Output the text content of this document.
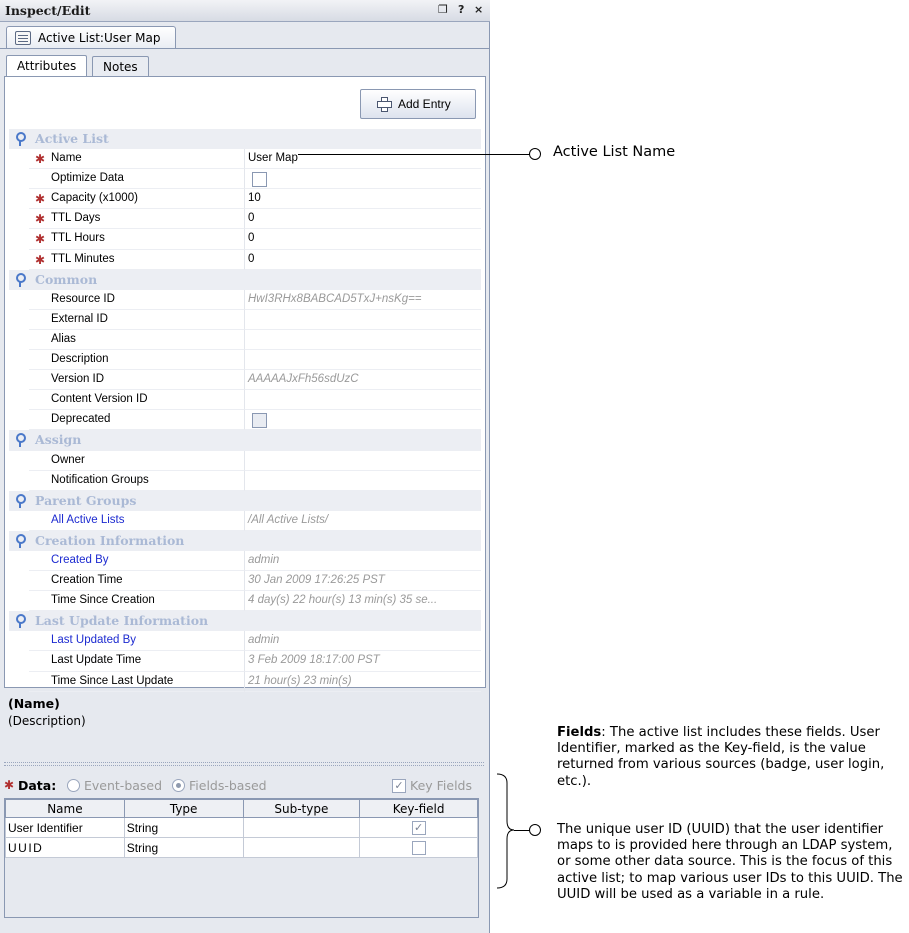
Inspect/Edit	❐ ? ×
Active List:User Map
Attributes	Notes
Add Entry
Active List
✱ Name	User Map
Optimize Data
✱ Capacity (x1000)	10
✱ TTL Days	0
✱ TTL Hours	0
✱ TTL Minutes	0
Common
Resource ID	HwI3RHx8BABCAD5TxJ+nsKg==
External ID
Alias
Description
Version ID	AAAAAJxFh56sdUzC
Content Version ID
Deprecated
Assign
Owner
Notification Groups
Parent Groups
All Active Lists	/All Active Lists/
Creation Information
Created By	admin
Creation Time	30 Jan 2009 17:26:25 PST
Time Since Creation	4 day(s) 22 hour(s) 13 min(s) 35 se...
Last Update Information
Last Updated By	admin
Last Update Time	3 Feb 2009 18:17:00 PST
Time Since Last Update	21 hour(s) 23 min(s)
(Name)
(Description)
✱ Data: Event-based Fields-based	✓ Key Fields
Name	Type	Sub-type	Key-field
User Identifier	String		✓
UUID	String		
Active List Name
Fields: The active list includes these fields. User Identifier, marked as the Key-field, is the value returned from various sources (badge, user login, etc.).
The unique user ID (UUID) that the user identifier maps to is provided here through an LDAP system, or some other data source. This is the focus of this active list; to map various user IDs to this UUID. The UUID will be used as a variable in a rule.
